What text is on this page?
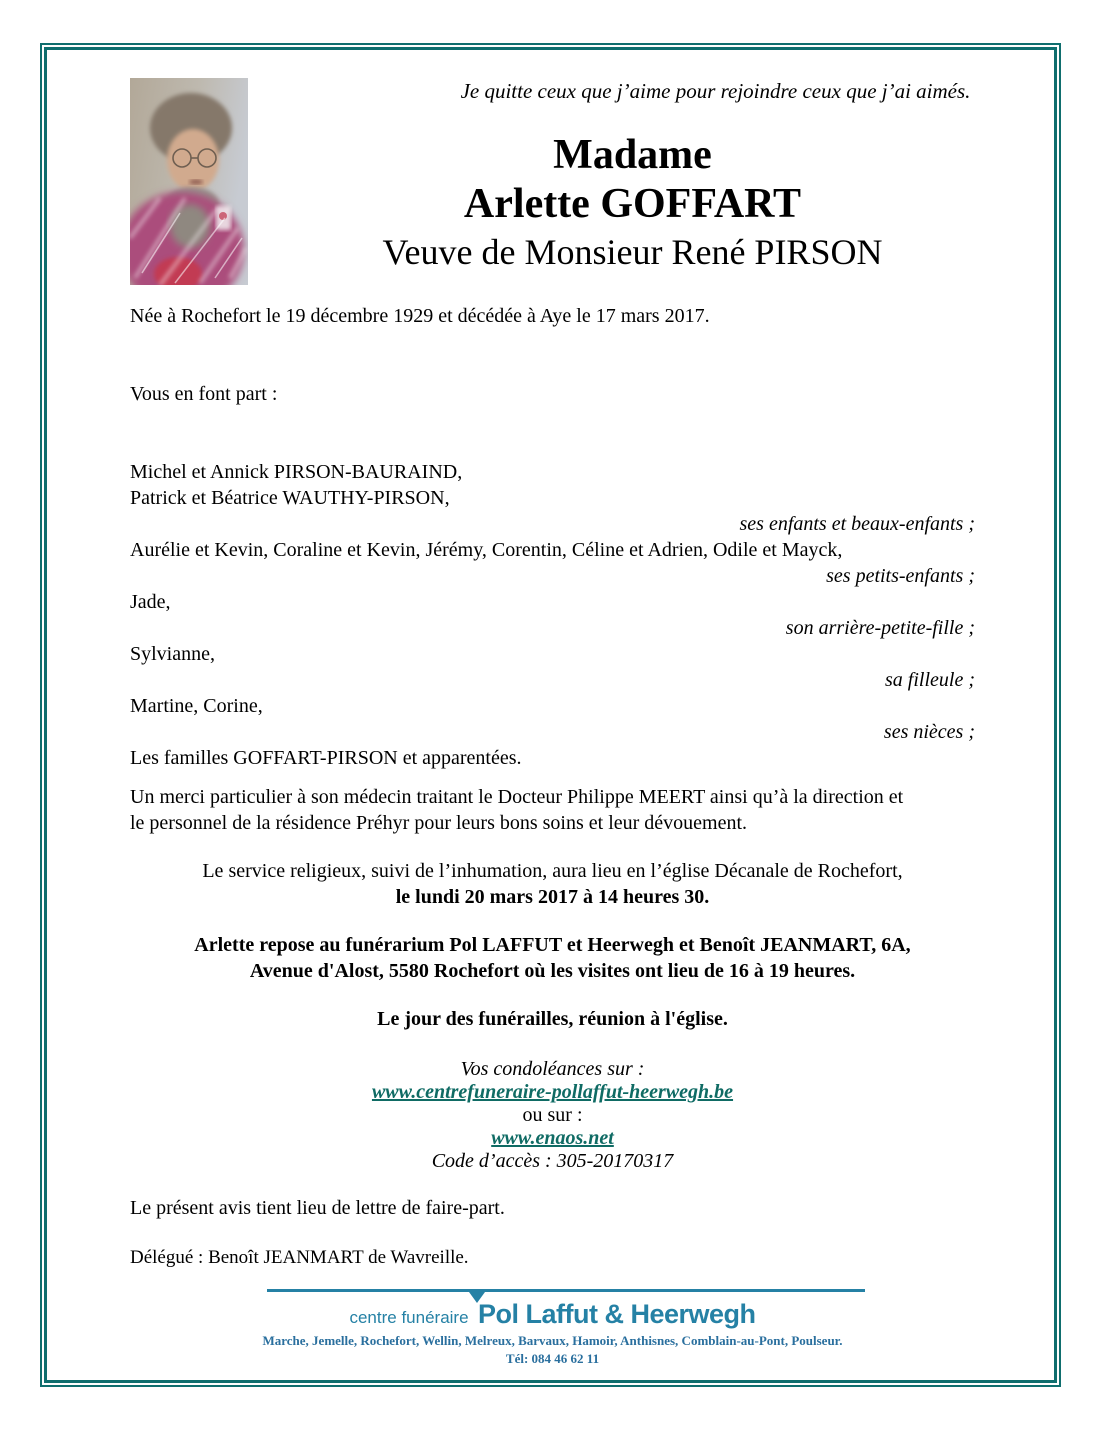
Je quitte ceux que j’aime pour rejoindre ceux que j’ai aimés.
Madame
Arlette GOFFART
Veuve de Monsieur René PIRSON
Née à Rochefort le 19 décembre 1929 et décédée à Aye le 17 mars 2017.
Vous en font part :
Michel et Annick PIRSON-BAURAIND,
Patrick et Béatrice WAUTHY-PIRSON,
ses enfants et beaux-enfants ;
Aurélie et Kevin, Coraline et Kevin, Jérémy, Corentin, Céline et Adrien, Odile et Mayck,
ses petits-enfants ;
Jade,
son arrière-petite-fille ;
Sylvianne,
sa filleule ;
Martine, Corine,
ses nièces ;
Les familles GOFFART-PIRSON et apparentées.
Un merci particulier à son médecin traitant le Docteur Philippe MEERT ainsi qu’à la direction et
le personnel de la résidence Préhyr pour leurs bons soins et leur dévouement.
Le service religieux, suivi de l’inhumation, aura lieu en l’église Décanale de Rochefort,
le lundi 20 mars 2017 à 14 heures 30.
Arlette repose au funérarium Pol LAFFUT et Heerwegh et Benoît JEANMART, 6A,
Avenue d'Alost, 5580 Rochefort où les visites ont lieu de 16 à 19 heures.
Le jour des funérailles, réunion à l'église.
Vos condoléances sur :
www.centrefuneraire-pollaffut-heerwegh.be
ou sur :
www.enaos.net
Code d’accès : 305-20170317
Le présent avis tient lieu de lettre de faire-part.
Délégué : Benoît JEANMART de Wavreille.
centre funéraire Pol Laffut & Heerwegh
Marche, Jemelle, Rochefort, Wellin, Melreux, Barvaux, Hamoir, Anthisnes, Comblain-au-Pont, Poulseur.
Tél: 084 46 62 11
